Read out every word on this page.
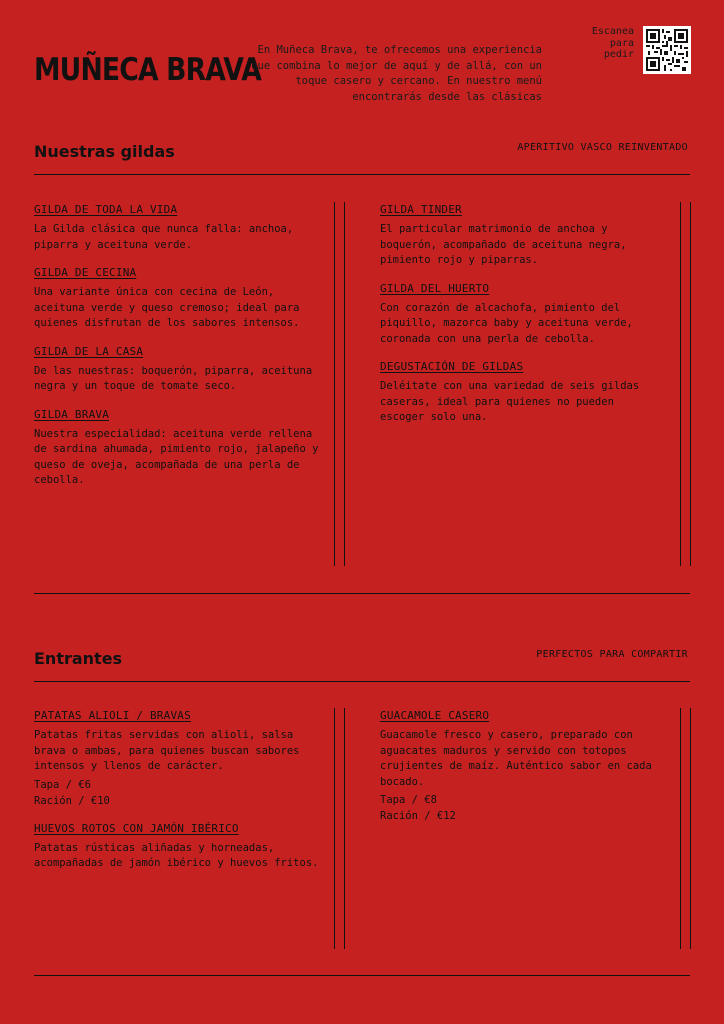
MUÑECA BRAVA
En Muñeca Brava, te ofrecemos una experiencia que combina lo mejor de aquí y de allá, con un toque casero y cercano. En nuestro menú encontrarás desde las clásicas
Escanea para pedir
Nuestras gildas	APERITIVO VASCO REINVENTADO
GILDA DE TODA LA VIDA
La Gilda clásica que nunca falla: anchoa, piparra y aceituna verde.
GILDA DE CECINA
Una variante única con cecina de León, aceituna verde y queso cremoso; ideal para quienes disfrutan de los sabores intensos.
GILDA DE LA CASA
De las nuestras: boquerón, piparra, aceituna negra y un toque de tomate seco.
GILDA BRAVA
Nuestra especialidad: aceituna verde rellena de sardina ahumada, pimiento rojo, jalapeño y queso de oveja, acompañada de una perla de cebolla.
GILDA TINDER
El particular matrimonio de anchoa y boquerón, acompañado de aceituna negra, pimiento rojo y piparras.
GILDA DEL HUERTO
Con corazón de alcachofa, pimiento del piquillo, mazorca baby y aceituna verde, coronada con una perla de cebolla.
DEGUSTACIÓN DE GILDAS
Deléitate con una variedad de seis gildas caseras, ideal para quienes no pueden escoger solo una.
Entrantes	PERFECTOS PARA COMPARTIR
PATATAS ALIOLI / BRAVAS
Patatas fritas servidas con alioli, salsa brava o ambas, para quienes buscan sabores intensos y llenos de carácter.
Tapa / €6
Ración / €10
HUEVOS ROTOS CON JAMÓN IBÉRICO
Patatas rústicas aliñadas y horneadas, acompañadas de jamón ibérico y huevos fritos.
GUACAMOLE CASERO
Guacamole fresco y casero, preparado con aguacates maduros y servido con totopos crujientes de maíz. Auténtico sabor en cada bocado.
Tapa / €8
Ración / €12
